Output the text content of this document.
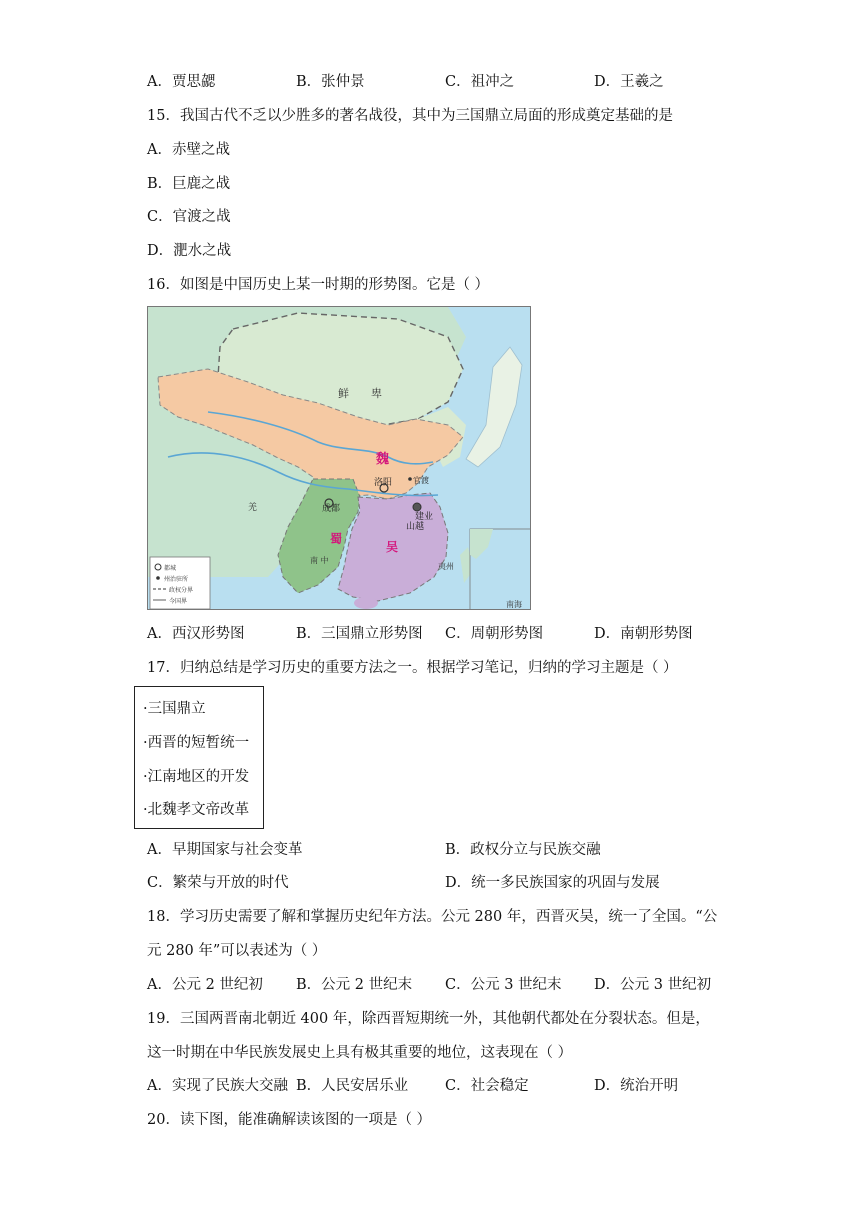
A．贾思勰	B．张仲景	C．祖冲之	D．王羲之
15．我国古代不乏以少胜多的著名战役，其中为三国鼎立局面的形成奠定基础的是
A．赤壁之战
B．巨鹿之战
C．官渡之战
D．淝水之战
16．如图是中国历史上某一时期的形势图。它是（ ）
鲜　　卑
魏
洛阳	官渡
成都
建业
山越
蜀
吴
南 中
羌
夷州
南海
都城
州治驻所
政权分界
今国界
A．西汉形势图	B．三国鼎立形势图 C．周朝形势图	D．南朝形势图
17．归纳总结是学习历史的重要方法之一。根据学习笔记，归纳的学习主题是（ ）
·三国鼎立
·西晋的短暂统一
·江南地区的开发
·北魏孝文帝改革
A．早期国家与社会变革	B．政权分立与民族交融
C．繁荣与开放的时代	D．统一多民族国家的巩固与发展
18．学习历史需要了解和掌握历史纪年方法。公元 280 年，西晋灭吴，统一了全国。“公
元 280 年”可以表述为（ ）
A．公元 2 世纪初 B．公元 2 世纪末 C．公元 3 世纪末 D．公元 3 世纪初
19．三国两晋南北朝近 400 年，除西晋短期统一外，其他朝代都处在分裂状态。但是，
这一时期在中华民族发展史上具有极其重要的地位，这表现在（ ）
A．实现了民族大交融 B．人民安居乐业	C．社会稳定	D．统治开明
20．读下图，能准确解读该图的一项是（ ）
